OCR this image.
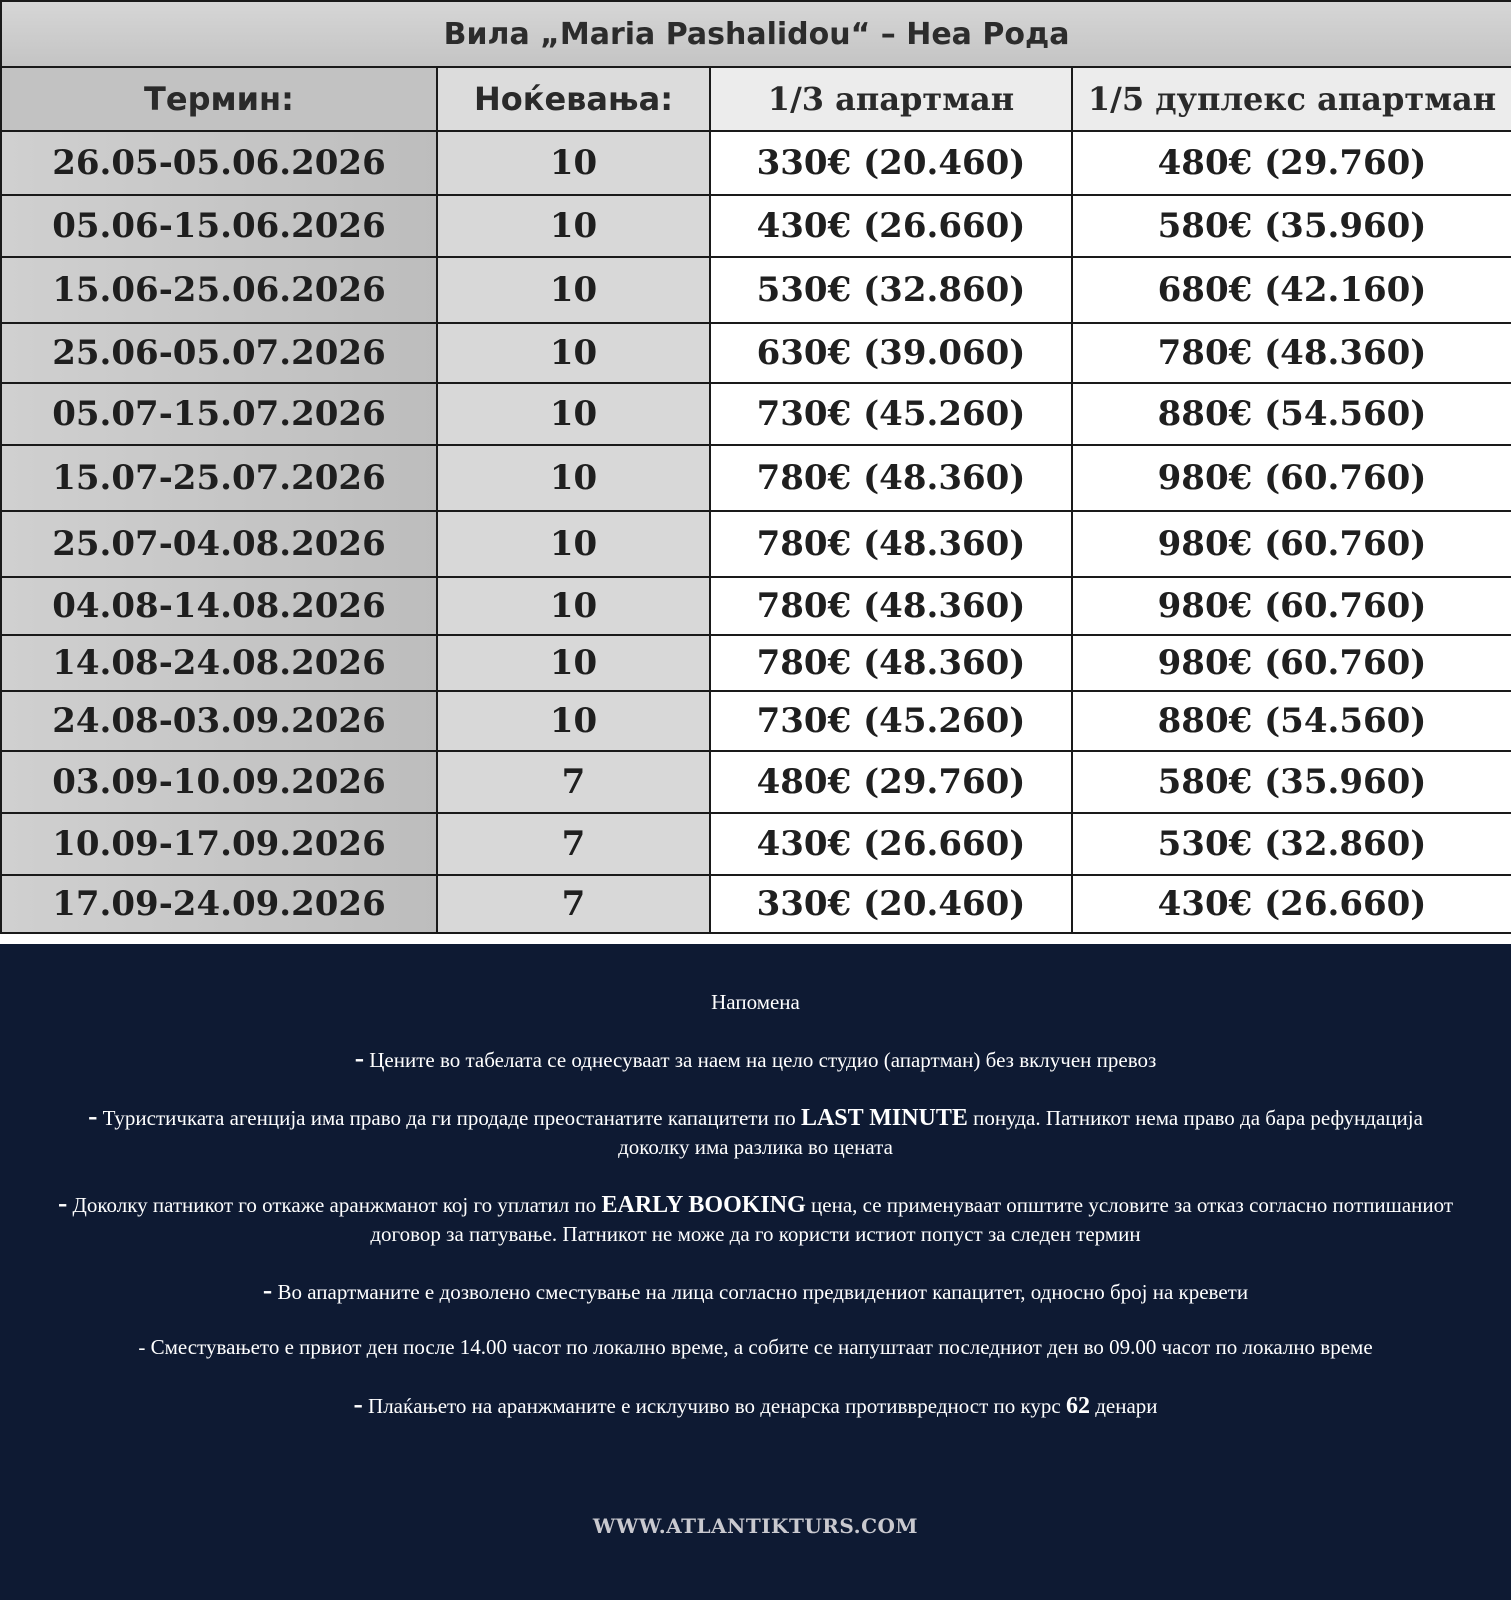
Вила „Maria Pashalidou“ – Неа Рода			
Термин:	Ноќевања:	1/3 апартман	1/5 дуплекс апартман
26.05-05.06.2026	10	330€ (20.460)	480€ (29.760)
05.06-15.06.2026	10	430€ (26.660)	580€ (35.960)
15.06-25.06.2026	10	530€ (32.860)	680€ (42.160)
25.06-05.07.2026	10	630€ (39.060)	780€ (48.360)
05.07-15.07.2026	10	730€ (45.260)	880€ (54.560)
15.07-25.07.2026	10	780€ (48.360)	980€ (60.760)
25.07-04.08.2026	10	780€ (48.360)	980€ (60.760)
04.08-14.08.2026	10	780€ (48.360)	980€ (60.760)
14.08-24.08.2026	10	780€ (48.360)	980€ (60.760)
24.08-03.09.2026	10	730€ (45.260)	880€ (54.560)
03.09-10.09.2026	7	480€ (29.760)	580€ (35.960)
10.09-17.09.2026	7	430€ (26.660)	530€ (32.860)
17.09-24.09.2026	7	330€ (20.460)	430€ (26.660)
Напомена
- Цените во табелата се однесуваат за наем на цело студио (апартман) без вклучен превоз
- Туристичката агенција има право да ги продаде преостанатите капацитети по LAST MINUTE понуда. Патникот нема право да бара рефундација доколку има разлика во цената
- Доколку патникот го откаже аранжманот кој го уплатил по EARLY BOOKING цена, се применуваат општите условите за отказ согласно потпишаниот договор за патување. Патникот не може да го користи истиот попуст за следен термин
- Во апартманите е дозволено сместување на лица согласно предвидениот капацитет, односно број на кревети
- Сместувањето е првиот ден после 14.00 часот по локално време, а собите се напуштаат последниот ден во 09.00 часот по локално време
- Плаќањето на аранжманите е исклучиво во денарска противвредност по курс 62 денари
WWW.ATLANTIKTURS.COM
